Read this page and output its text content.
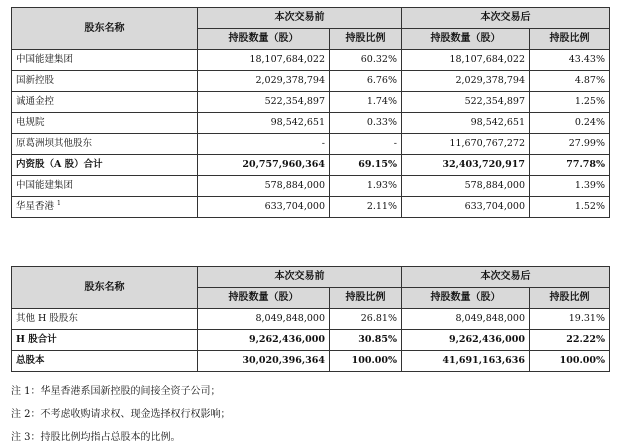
股东名称	本次交易前		本次交易后	
	持股数量（股）	持股比例	持股数量（股）	持股比例
中国能建集团	18,107,684,022	60.32%	18,107,684,022	43.43%
国新控股	2,029,378,794	6.76%	2,029,378,794	4.87%
诚通金控	522,354,897	1.74%	522,354,897	1.25%
电规院	98,542,651	0.33%	98,542,651	0.24%
原葛洲坝其他股东	-	-	11,670,767,272	27.99%
内资股（A 股）合计	20,757,960,364	69.15%	32,403,720,917	77.78%
中国能建集团	578,884,000	1.93%	578,884,000	1.39%
华星香港 $^1$	633,704,000	2.11%	633,704,000	1.52%
股东名称	本次交易前		本次交易后	
	持股数量（股）	持股比例	持股数量（股）	持股比例
其他 H 股股东	8,049,848,000	26.81%	8,049,848,000	19.31%
H 股合计	9,262,436,000	30.85%	9,262,436,000	22.22%
总股本	30,020,396,364	100.00%	41,691,163,636	100.00%
注 1：华星香港系国新控股的间接全资子公司；
注 2：不考虑收购请求权、现金选择权行权影响；
注 3：持股比例均指占总股本的比例。
